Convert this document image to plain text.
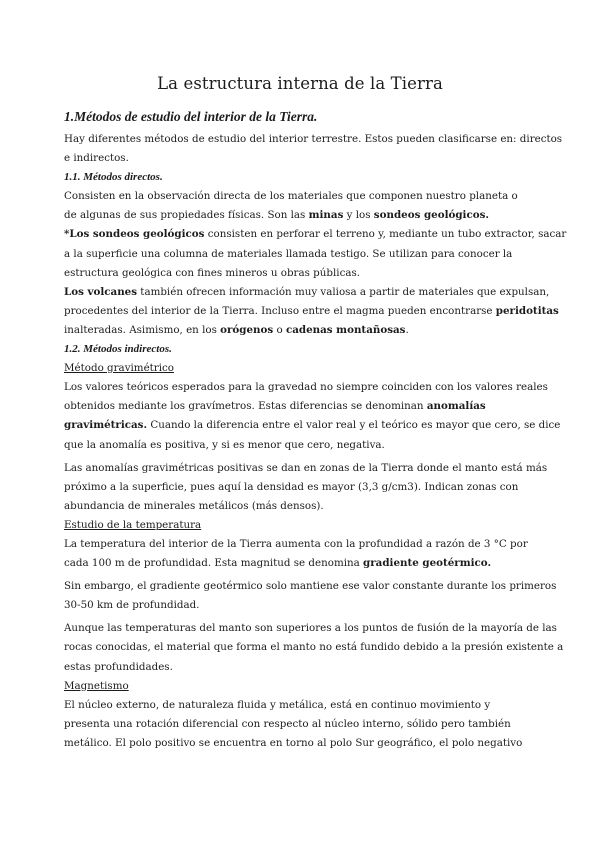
La estructura interna de la Tierra
1.Métodos de estudio del interior de la Tierra.
Hay diferentes métodos de estudio del interior terrestre. Estos pueden clasificarse en: directos
e indirectos.
1.1. Métodos directos.
Consisten en la observación directa de los materiales que componen nuestro planeta o
de algunas de sus propiedades físicas. Son las minas y los sondeos geológicos.
*Los sondeos geológicos consisten en perforar el terreno y, mediante un tubo extractor, sacar
a la superficie una columna de materiales llamada testigo. Se utilizan para conocer la
estructura geológica con fines mineros u obras públicas.
Los volcanes también ofrecen información muy valiosa a partir de materiales que expulsan,
procedentes del interior de la Tierra. Incluso entre el magma pueden encontrarse peridotitas
inalteradas. Asimismo, en los orógenos o cadenas montañosas.
1.2. Métodos indirectos.
Método gravimétrico
Los valores teóricos esperados para la gravedad no siempre coinciden con los valores reales
obtenidos mediante los gravímetros. Estas diferencias se denominan anomalías
gravimétricas. Cuando la diferencia entre el valor real y el teórico es mayor que cero, se dice
que la anomalía es positiva, y si es menor que cero, negativa.
Las anomalías gravimétricas positivas se dan en zonas de la Tierra donde el manto está más
próximo a la superficie, pues aquí la densidad es mayor (3,3 g/cm3). Indican zonas con
abundancia de minerales metálicos (más densos).
Estudio de la temperatura
La temperatura del interior de la Tierra aumenta con la profundidad a razón de 3 °C por
cada 100 m de profundidad. Esta magnitud se denomina gradiente geotérmico.
Sin embargo, el gradiente geotérmico solo mantiene ese valor constante durante los primeros
30-50 km de profundidad.
Aunque las temperaturas del manto son superiores a los puntos de fusión de la mayoría de las
rocas conocidas, el material que forma el manto no está fundido debido a la presión existente a
estas profundidades.
Magnetismo
El núcleo externo, de naturaleza fluida y metálica, está en continuo movimiento y
presenta una rotación diferencial con respecto al núcleo interno, sólido pero también
metálico. El polo positivo se encuentra en torno al polo Sur geográfico, el polo negativo
